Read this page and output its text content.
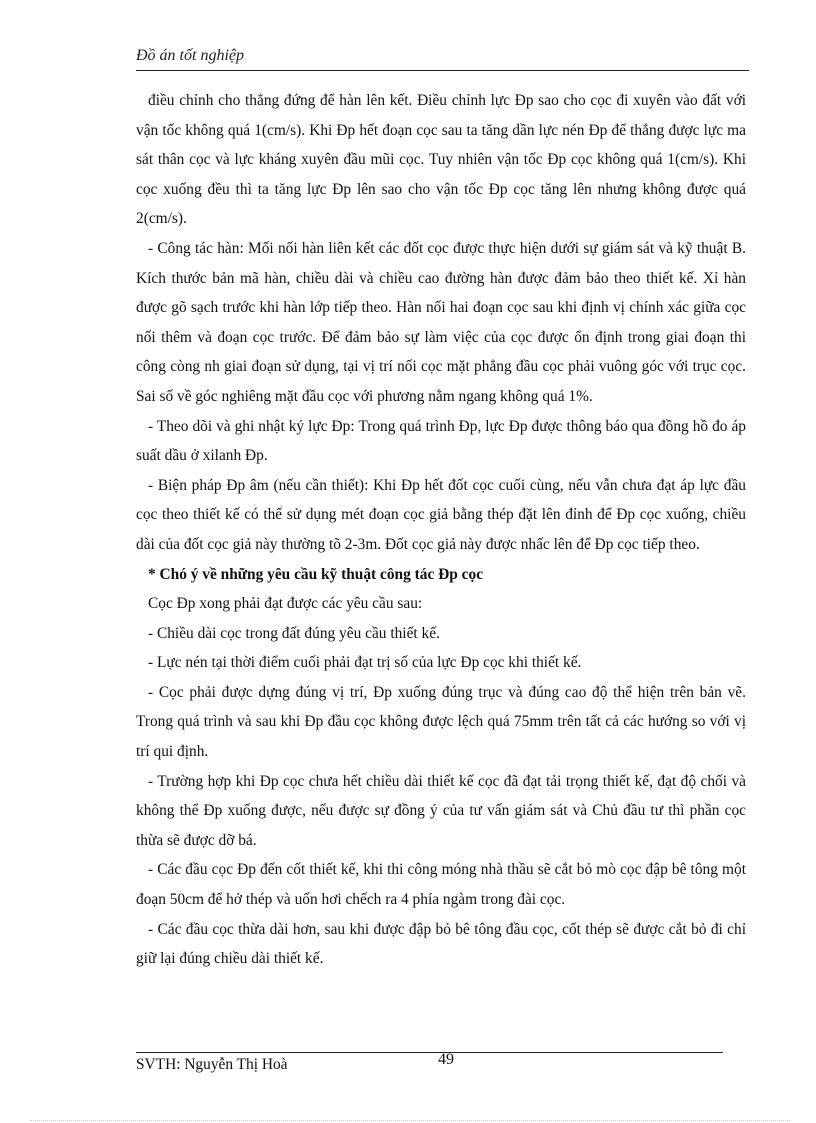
Đồ án tốt nghiệp

điều chỉnh cho thẳng đứng để hàn lên kết. Điều chỉnh lực Đp sao cho cọc đi xuyên vào đất với vận tốc không quá 1(cm/s). Khi Đp hết đoạn cọc sau ta tăng dần lực nén Đp để thắng được lực ma sát thân cọc và lực kháng xuyên đầu mũi cọc. Tuy nhiên vận tốc Đp cọc không quá 1(cm/s). Khi cọc xuống đều thì ta tăng lực Đp lên sao cho vận tốc Đp cọc tăng lên nhưng không được quá 2(cm/s).

- Công tác hàn: Mối nối hàn liên kết các đốt cọc được thực hiện dưới sự giám sát và kỹ thuật B. Kích thước bản mã hàn, chiều dài và chiều cao đường hàn được đảm bảo theo thiết kế. Xỉ hàn được gõ sạch trước khi hàn lớp tiếp theo. Hàn nối hai đoạn cọc sau khi định vị chính xác giữa cọc nối thêm và đoạn cọc trước. Để đảm bảo sự làm việc của cọc được ổn định trong giai đoạn thi công còng nh giai đoạn sử dụng, tại vị trí nối cọc mặt phẳng đầu cọc phải vuông góc với trục cọc. Sai số về góc nghiêng mặt đầu cọc với phương nằm ngang không quá 1%.

- Theo dõi và ghi nhật ký lực Đp: Trong quá trình Đp, lực Đp được thông báo qua đồng hồ đo áp suất dầu ở xilanh Đp.

- Biện pháp Đp âm (nếu cần thiết): Khi Đp hết đốt cọc cuối cùng, nếu vẫn chưa đạt áp lực đầu cọc theo thiết kế có thể sử dụng mét đoạn cọc giả bằng thép đặt lên đỉnh để Đp cọc xuống, chiều dài của đốt cọc giả này thường tõ 2-3m. Đốt cọc giả này được nhấc lên để Đp cọc tiếp theo.

* Chó ý về những yêu cầu kỹ thuật công tác Đp cọc

Cọc Đp xong phải đạt được các yêu cầu sau:

- Chiều dài cọc trong đất đúng yêu cầu thiết kế.

- Lực nén tại thời điểm cuối phải đạt trị số của lực Đp cọc khi thiết kế.

- Cọc phải được dựng đúng vị trí, Đp xuống đúng trục và đúng cao độ thể hiện trên bản vẽ. Trong quá trình và sau khi Đp đầu cọc không được lệch quá 75mm trên tất cả các hướng so với vị trí qui định.

- Trường hợp khi Đp cọc chưa hết chiều dài thiết kế cọc đã đạt tải trọng thiết kế, đạt độ chối và không thể Đp xuống được, nếu được sự đồng ý của tư vấn giám sát và Chủ đầu tư thì phần cọc thừa sẽ được dỡ bá.

- Các đầu cọc Đp đến cốt thiết kế, khi thi công móng nhà thầu sẽ cắt bỏ mò cọc đập bê tông một đoạn 50cm để hở thép và uốn hơi chếch ra 4 phía ngàm trong đài cọc.

- Các đầu cọc thừa dài hơn, sau khi được đập bỏ bê tông đầu cọc, cốt thép sẽ được cắt bỏ đi chỉ giữ lại đúng chiều dài thiết kế.

49
SVTH: Nguyễn Thị Hoà
